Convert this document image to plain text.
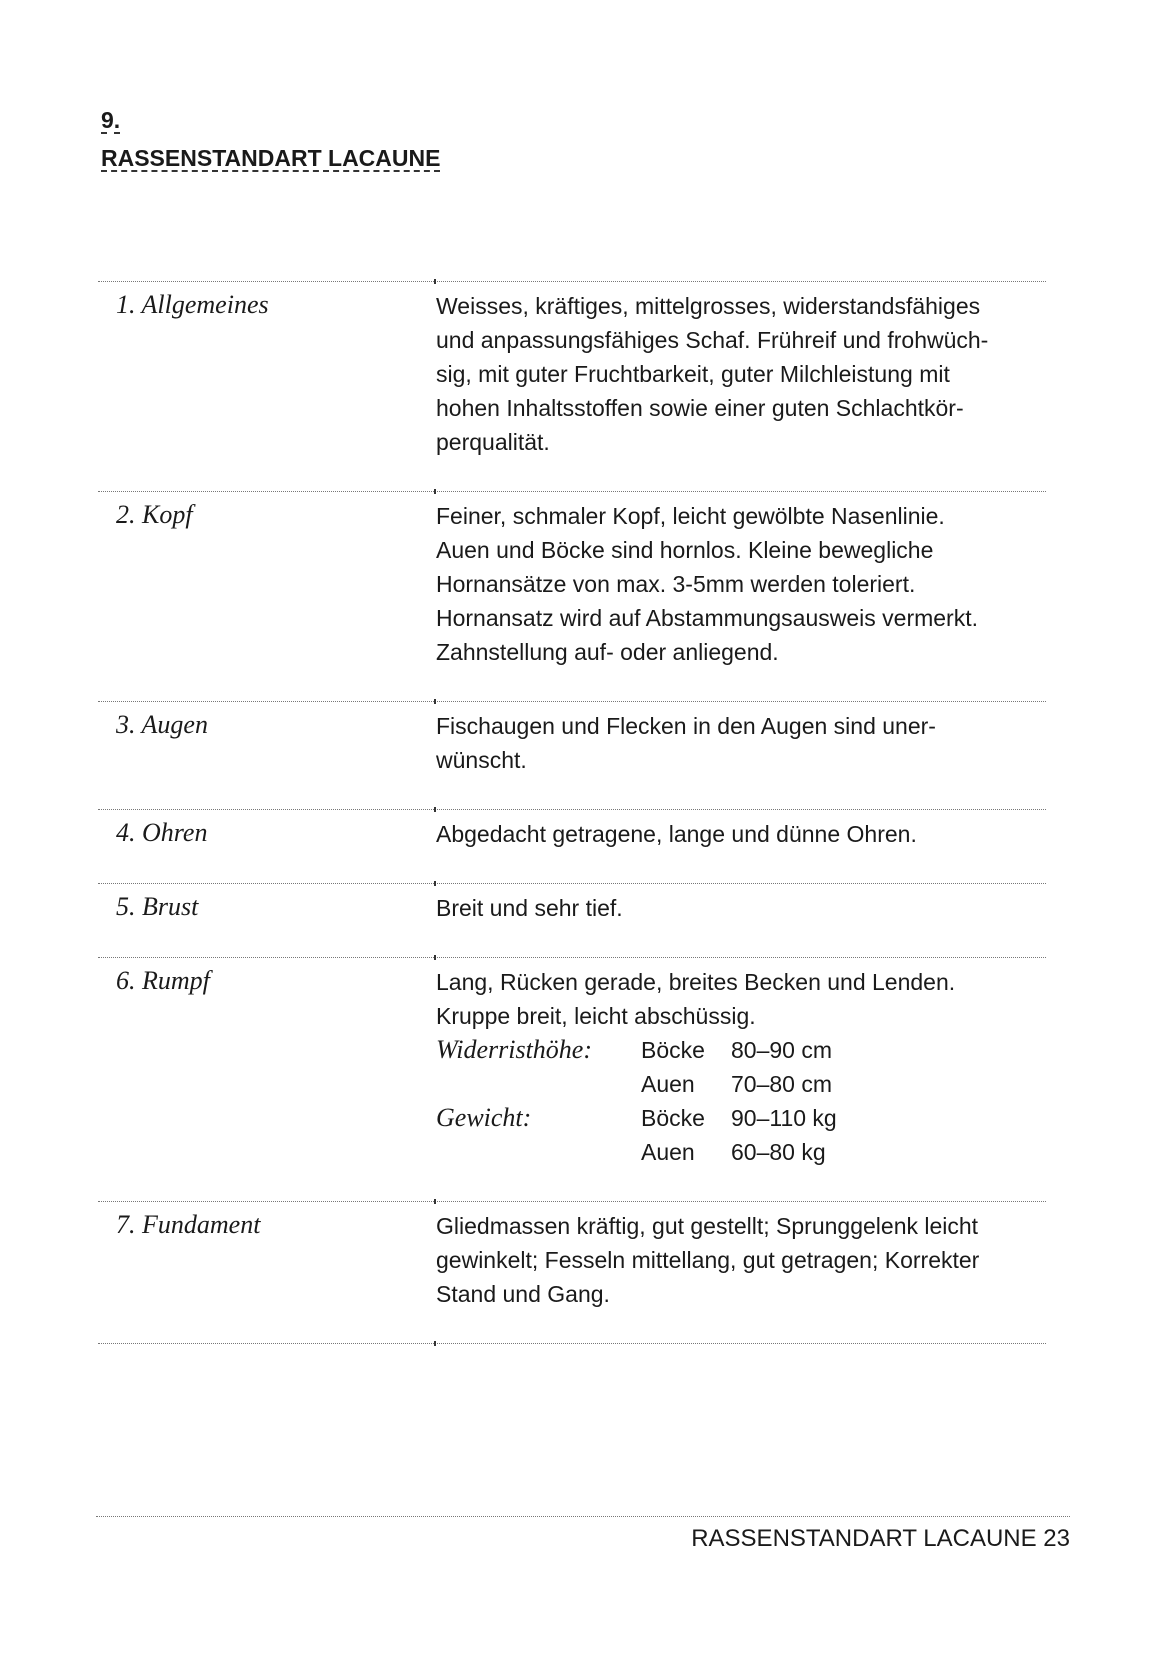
9.
RASSENSTANDART LACAUNE
1. Allgemeines	Weisses, kräftiges, mittelgrosses, widerstandsfähiges

und anpassungsfähiges Schaf. Frühreif und frohwüch-

sig, mit guter Fruchtbarkeit, guter Milchleistung mit

hohen Inhaltsstoffen sowie einer guten Schlachtkör-

perqualität.

2. Kopf	Feiner, schmaler Kopf, leicht gewölbte Nasenlinie.

Auen und Böcke sind hornlos. Kleine bewegliche

Hornansätze von max. 3-5mm werden toleriert.

Hornansatz wird auf Abstammungsausweis vermerkt.

Zahnstellung auf- oder anliegend.

3. Augen	Fischaugen und Flecken in den Augen sind uner-

wünscht.

4. Ohren	Abgedacht getragene, lange und dünne Ohren.

5. Brust	Breit und sehr tief.

6. Rumpf	Lang, Rücken gerade, breites Becken und Lenden.

Kruppe breit, leicht abschüssig.

Widerristhöhe:	Böcke	80–90 cm
Auen	70–80 cm
Gewicht:	Böcke	90–110 kg
Auen	60–80 kg
7. Fundament	Gliedmassen kräftig, gut gestellt; Sprunggelenk leicht

gewinkelt; Fesseln mittellang, gut getragen; Korrekter

Stand und Gang.

RASSENSTANDART LACAUNE 23
